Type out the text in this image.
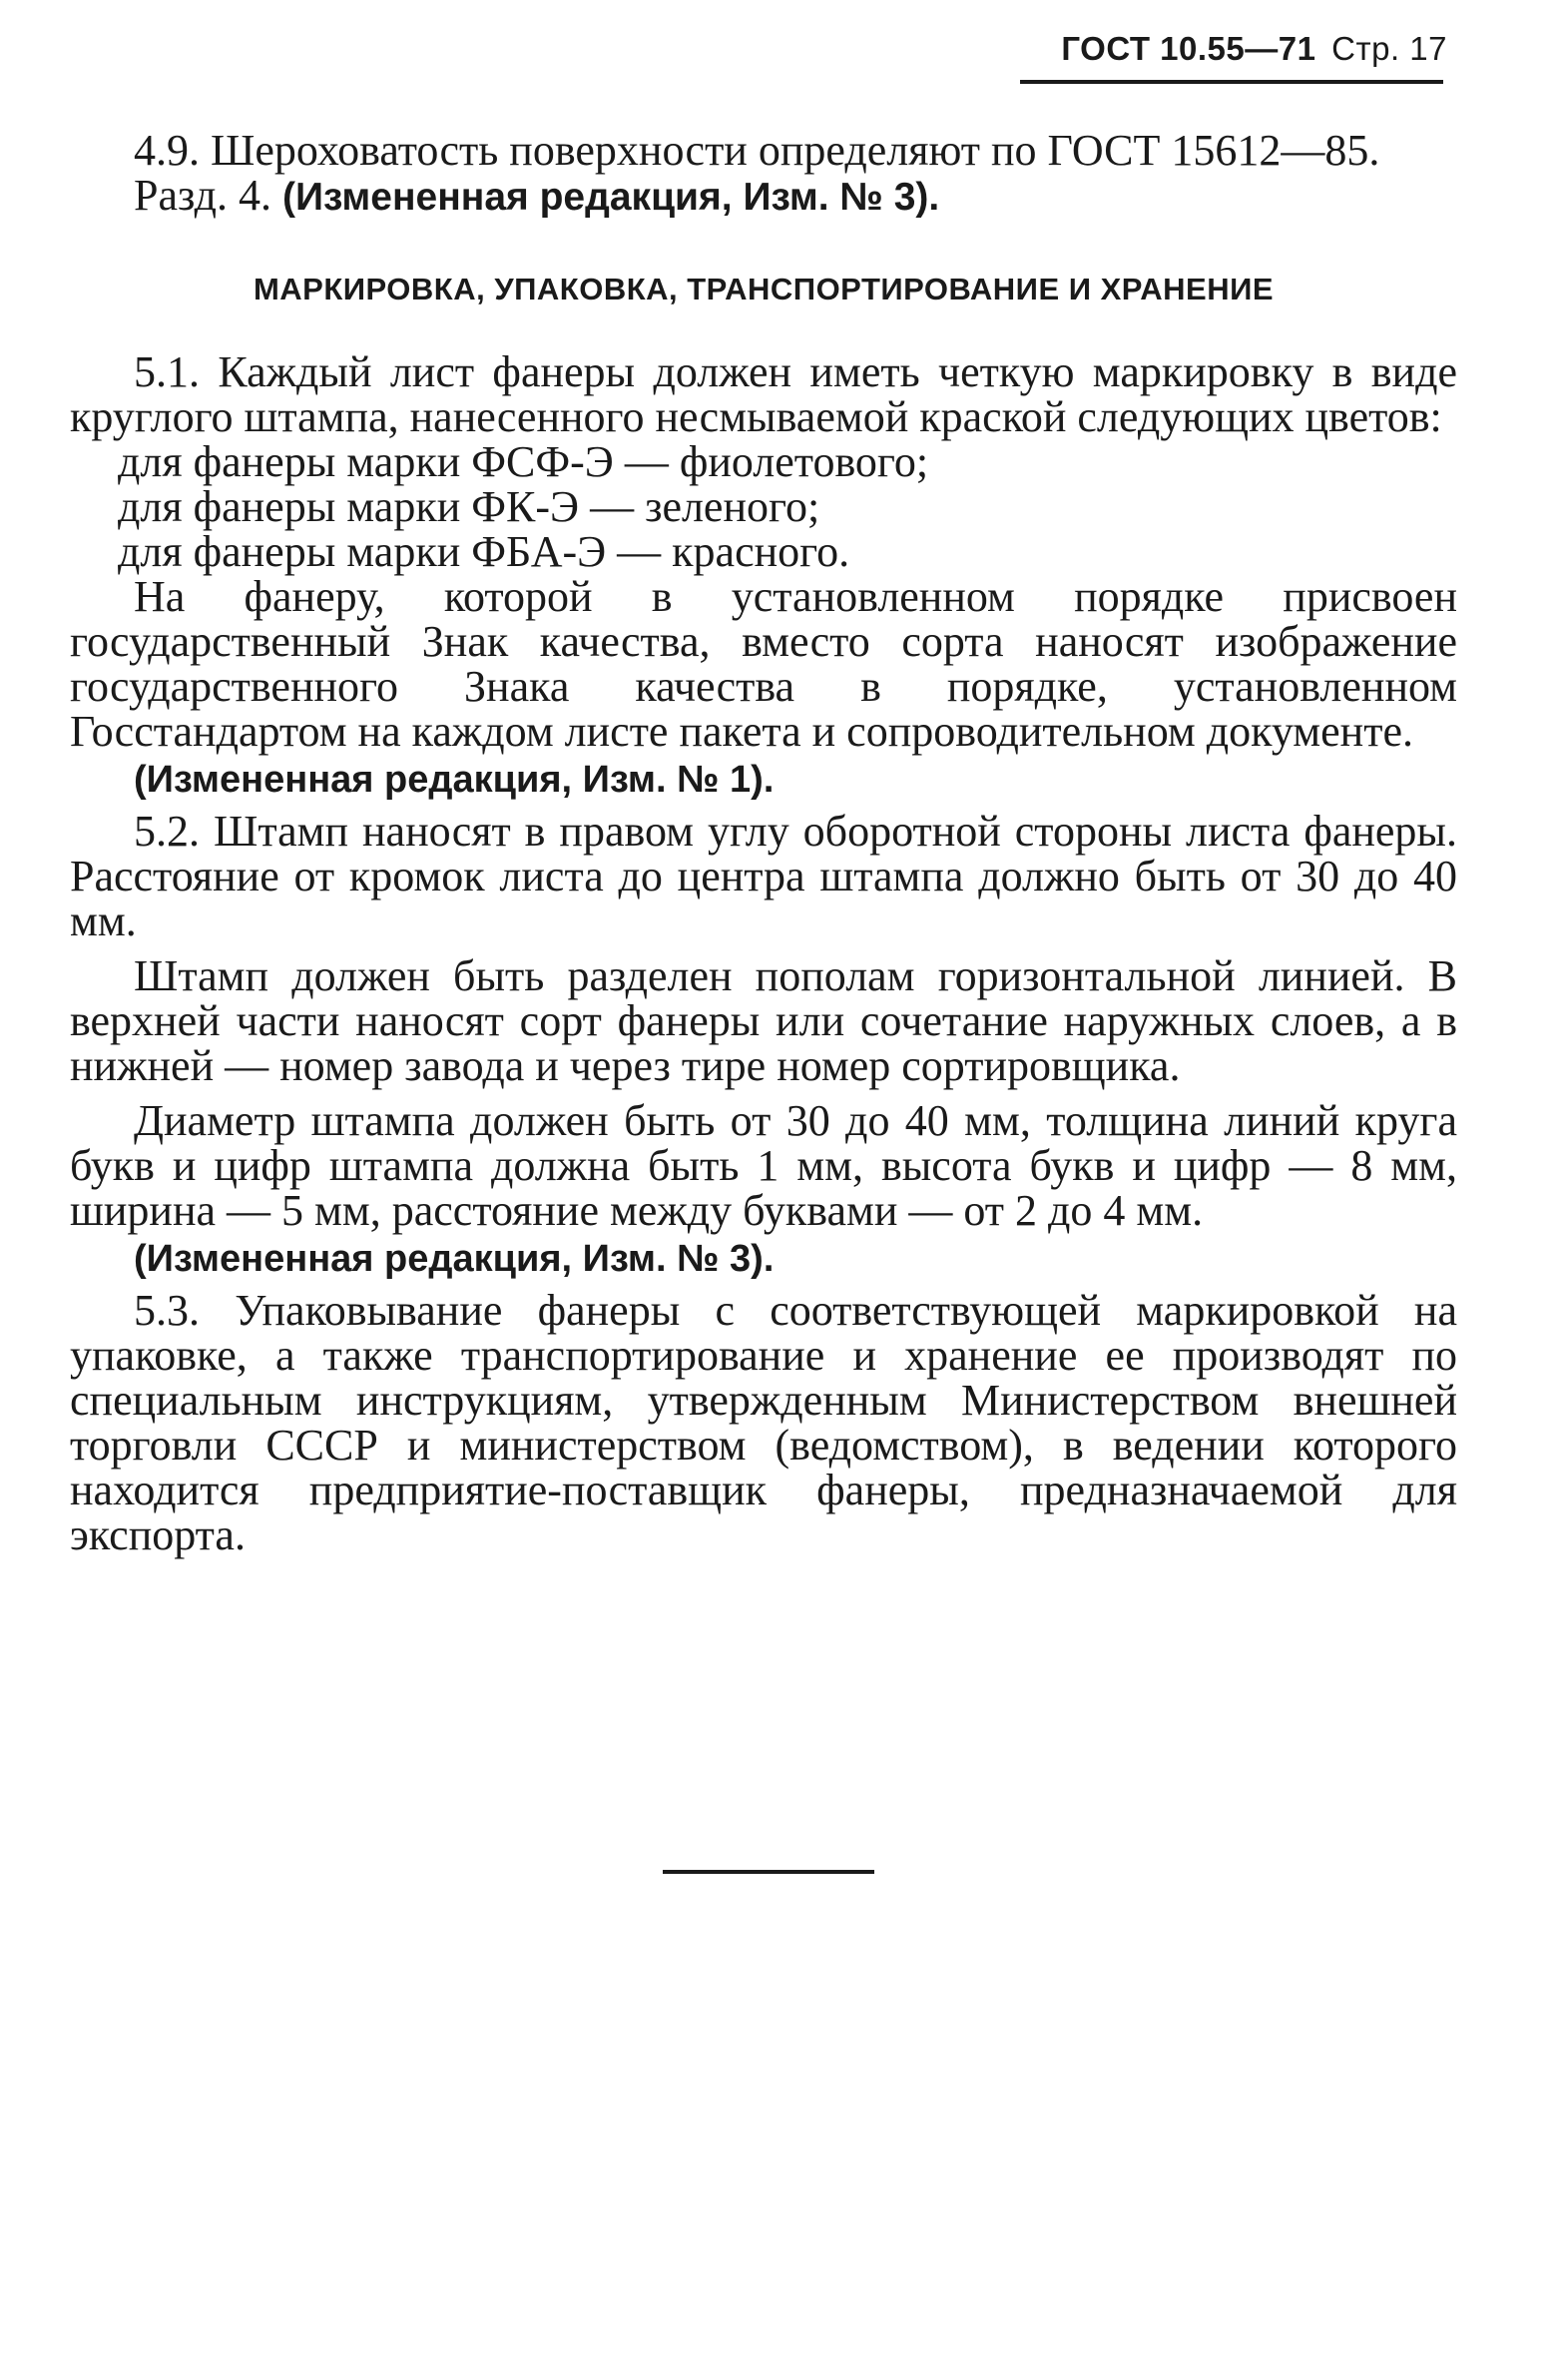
ГОСТ 10.55—71 Стр. 17

4.9. Шероховатость поверхности определяют по ГОСТ 15612—85.

Разд. 4. (Измененная редакция, Изм. № 3).

МАРКИРОВКА, УПАКОВКА, ТРАНСПОРТИРОВАНИЕ И ХРАНЕНИЕ

5.1. Каждый лист фанеры должен иметь четкую маркировку в виде круглого штампа, нанесенного несмываемой краской следующих цветов:

для фанеры марки ФСФ-Э — фиолетового;

для фанеры марки ФК-Э — зеленого;

для фанеры марки ФБА-Э — красного.

На фанеру, которой в установленном порядке присвоен государственный Знак качества, вместо сорта наносят изображение государственного Знака качества в порядке, установленном Госстандартом на каждом листе пакета и сопроводительном документе.

(Измененная редакция, Изм. № 1).

5.2. Штамп наносят в правом углу оборотной стороны листа фанеры. Расстояние от кромок листа до центра штампа должно быть от 30 до 40 мм.

Штамп должен быть разделен пополам горизонтальной линией. В верхней части наносят сорт фанеры или сочетание наружных слоев, а в нижней — номер завода и через тире номер сортировщика.

Диаметр штампа должен быть от 30 до 40 мм, толщина линий круга букв и цифр штампа должна быть 1 мм, высота букв и цифр — 8 мм, ширина — 5 мм, расстояние между буквами — от 2 до 4 мм.

(Измененная редакция, Изм. № 3).

5.3. Упаковывание фанеры с соответствующей маркировкой на упаковке, а также транспортирование и хранение ее производят по специальным инструкциям, утвержденным Министерством внешней торговли СССР и министерством (ведомством), в ведении которого находится предприятие-поставщик фанеры, предназначаемой для экспорта.
